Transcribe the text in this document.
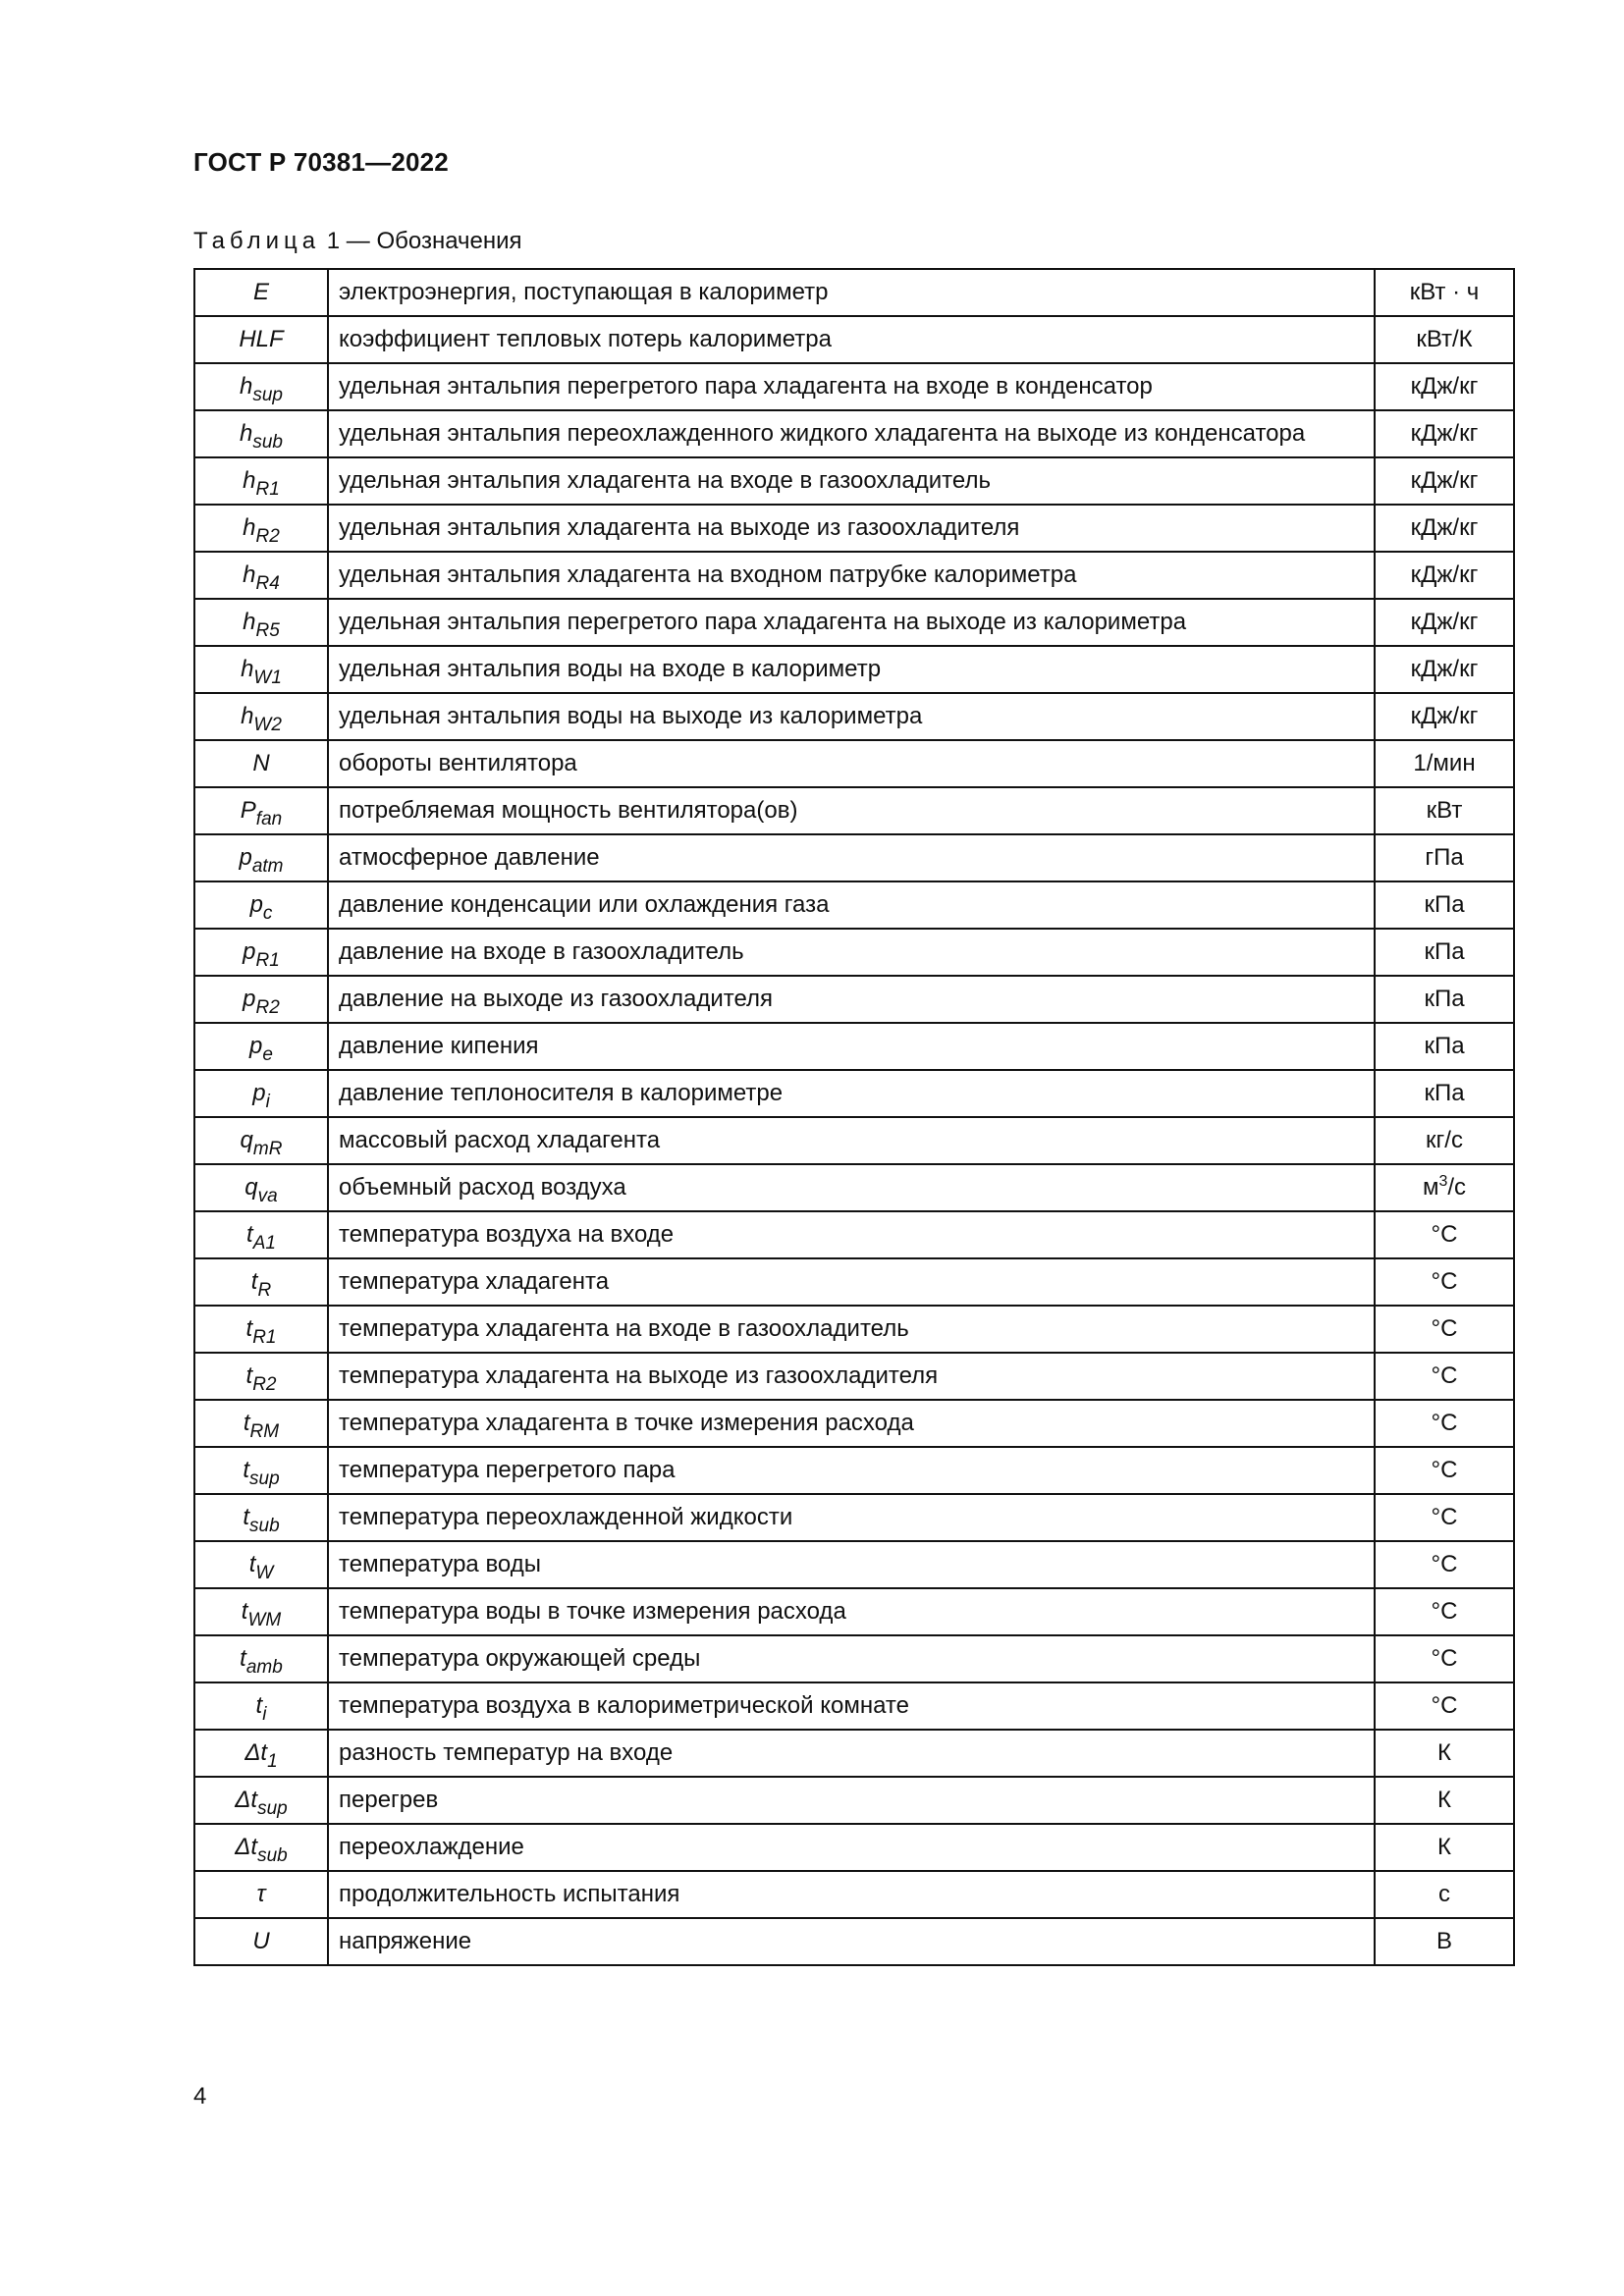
ГОСТ Р 70381—2022
Таблица 1 — Обозначения
E	электроэнергия, поступающая в калориметр	кВт · ч
HLF	коэффициент тепловых потерь калориметра	кВт/К
$h_{sup}$	удельная энтальпия перегретого пара хладагента на входе в конденсатор	кДж/кг
$h_{sub}$	удельная энтальпия переохлажденного жидкого хладагента на выходе из конденсатора	кДж/кг
$h_{R1}$	удельная энтальпия хладагента на входе в газоохладитель	кДж/кг
$h_{R2}$	удельная энтальпия хладагента на выходе из газоохладителя	кДж/кг
$h_{R4}$	удельная энтальпия хладагента на входном патрубке калориметра	кДж/кг
$h_{R5}$	удельная энтальпия перегретого пара хладагента на выходе из калориметра	кДж/кг
$h_{W1}$	удельная энтальпия воды на входе в калориметр	кДж/кг
$h_{W2}$	удельная энтальпия воды на выходе из калориметра	кДж/кг
N	обороты вентилятора	1/мин
$P_{fan}$	потребляемая мощность вентилятора(ов)	кВт
$p_{atm}$	атмосферное давление	гПа
$p_c$	давление конденсации или охлаждения газа	кПа
$p_{R1}$	давление на входе в газоохладитель	кПа
$p_{R2}$	давление на выходе из газоохладителя	кПа
$p_e$	давление кипения	кПа
$p_i$	давление теплоносителя в калориметре	кПа
$q_{mR}$	массовый расход хладагента	кг/с
$q_{va}$	объемный расход воздуха	$м^3/с$
$t_{A1}$	температура воздуха на входе	°C
$t_R$	температура хладагента	°C
$t_{R1}$	температура хладагента на входе в газоохладитель	°C
$t_{R2}$	температура хладагента на выходе из газоохладителя	°C
$t_{RM}$	температура хладагента в точке измерения расхода	°C
$t_{sup}$	температура перегретого пара	°C
$t_{sub}$	температура переохлажденной жидкости	°C
$t_W$	температура воды	°C
$t_{WM}$	температура воды в точке измерения расхода	°C
$t_{amb}$	температура окружающей среды	°C
$t_i$	температура воздуха в калориметрической комнате	°C
$\Delta t_1$	разность температур на входе	К
$\Delta t_{sup}$	перегрев	К
$\Delta t_{sub}$	переохлаждение	К
τ	продолжительность испытания	с
U	напряжение	В
4
